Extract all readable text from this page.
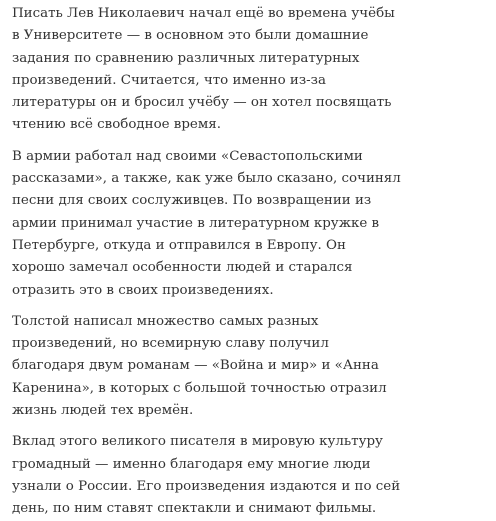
Писать Лев Николаевич начал ещё во времена учёбы
в Университете — в основном это были домашние
задания по сравнению различных литературных
произведений. Считается, что именно из-за
литературы он и бросил учёбу — он хотел посвящать
чтению всё свободное время.

В армии работал над своими «Севастопольскими
рассказами», а также, как уже было сказано, сочинял
песни для своих сослуживцев. По возвращении из
армии принимал участие в литературном кружке в
Петербурге, откуда и отправился в Европу. Он
хорошо замечал особенности людей и старался
отразить это в своих произведениях.

Толстой написал множество самых разных
произведений, но всемирную славу получил
благодаря двум романам — «Война и мир» и «Анна
Каренина», в которых с большой точностью отразил
жизнь людей тех времён.

Вклад этого великого писателя в мировую культуру
громадный — именно благодаря ему многие люди
узнали о России. Его произведения издаются и по сей
день, по ним ставят спектакли и снимают фильмы.
